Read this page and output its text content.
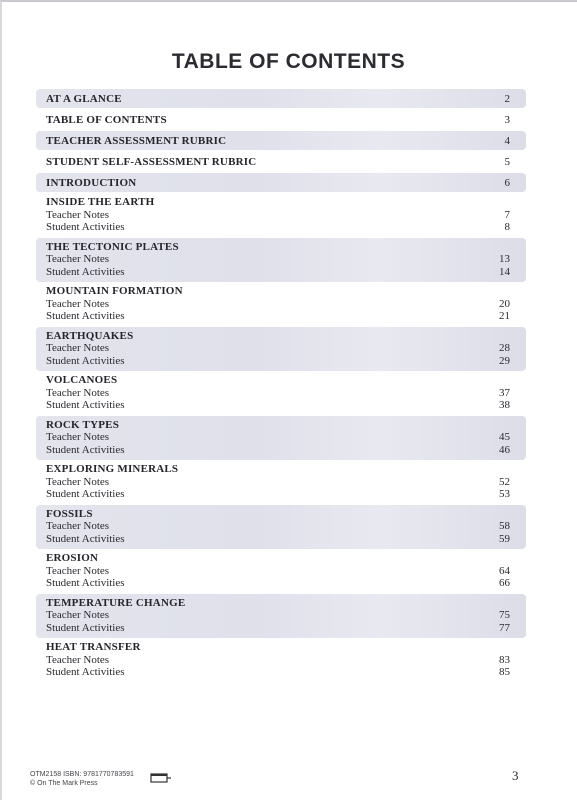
TABLE OF CONTENTS
AT A GLANCE	2
TABLE OF CONTENTS	3
TEACHER ASSESSMENT RUBRIC	4
STUDENT SELF-ASSESSMENT RUBRIC	5
INTRODUCTION	6
INSIDE THE EARTH
Teacher Notes	7
Student Activities	8
THE TECTONIC PLATES
Teacher Notes	13
Student Activities	14
MOUNTAIN FORMATION
Teacher Notes	20
Student Activities	21
EARTHQUAKES
Teacher Notes	28
Student Activities	29
VOLCANOES
Teacher Notes	37
Student Activities	38
ROCK TYPES
Teacher Notes	45
Student Activities	46
EXPLORING MINERALS
Teacher Notes	52
Student Activities	53
FOSSILS
Teacher Notes	58
Student Activities	59
EROSION
Teacher Notes	64
Student Activities	66
TEMPERATURE CHANGE
Teacher Notes	75
Student Activities	77
HEAT TRANSFER
Teacher Notes	83
Student Activities	85
OTM2158 ISBN: 9781770783591
© On The Mark Press
3
